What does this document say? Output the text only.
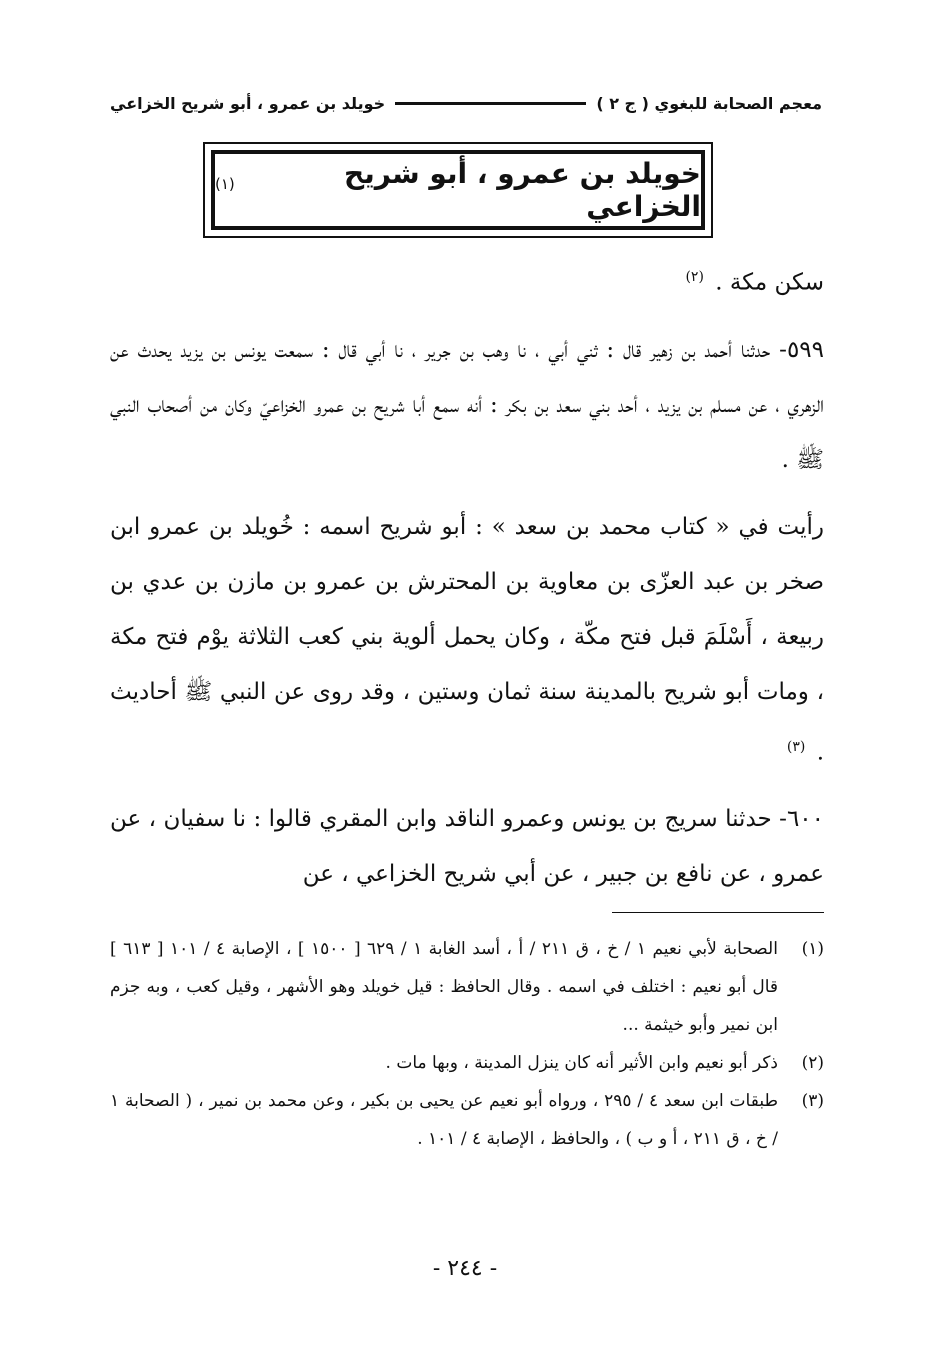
معجم الصحابة للبغوي ( ج ٢ )
خويلد بن عمرو ، أبو شريح الخزاعي
خويلد بن عمرو ، أبو شريح الخزاعي
$^{(١)}$

سكن مكة . $^{(٢)}$

٥٩٩- حدثنا أحمد بن زهير قال : ثني أبي ، نا وهب بن جرير ، نا أبي قال : سمعت يونس بن يزيد يحدث عن الزهري ، عن مسلم بن يزيد ، أحد بني سعد بن بكر : أنه سمع أبا شريح بن عمرو الخزاعيّ وكان من أصحاب النبي ﷺ .

رأيت في « كتاب محمد بن سعد » : أبو شريح اسمه : خُويلد بن عمرو ابن صخر بن عبد العزّى بن معاوية بن المحترش بن عمرو بن مازن بن عدي بن ربيعة ، أَسْلَمَ قبل فتح مكّة ، وكان يحمل ألوية بني كعب الثلاثة يوْم فتح مكة ، ومات أبو شريح بالمدينة سنة ثمان وستين ، وقد روى عن النبي ﷺ أحاديث . $^{(٣)}$

٦٠٠- حدثنا سريج بن يونس وعمرو الناقد وابن المقري قالوا : نا سفيان ، عن عمرو ، عن نافع بن جبير ، عن أبي شريح الخزاعي ، عن

(١)
الصحابة لأبي نعيم ١ / خ ، ق ٢١١ / أ ، أسد الغابة ١ / ٦٢٩ [ ١٥٠٠ ] ، الإصابة ٤ / ١٠١ [ ٦١٣ ] قال أبو نعيم : اختلف في اسمه . وقال الحافظ : قيل خويلد وهو الأشهر ، وقيل كعب ، وبه جزم ابن نمير وأبو خيثمة ...
(٢)
ذكر أبو نعيم وابن الأثير أنه كان ينزل المدينة ، وبها مات .
(٣)
طبقات ابن سعد ٤ / ٢٩٥ ، ورواه أبو نعيم عن يحيى بن بكير ، وعن محمد بن نمير ، ( الصحابة ١ / خ ، ق ٢١١ ، أ و ب ) ، والحافظ ، الإصابة ٤ / ١٠١ .
- ٢٤٤ -
